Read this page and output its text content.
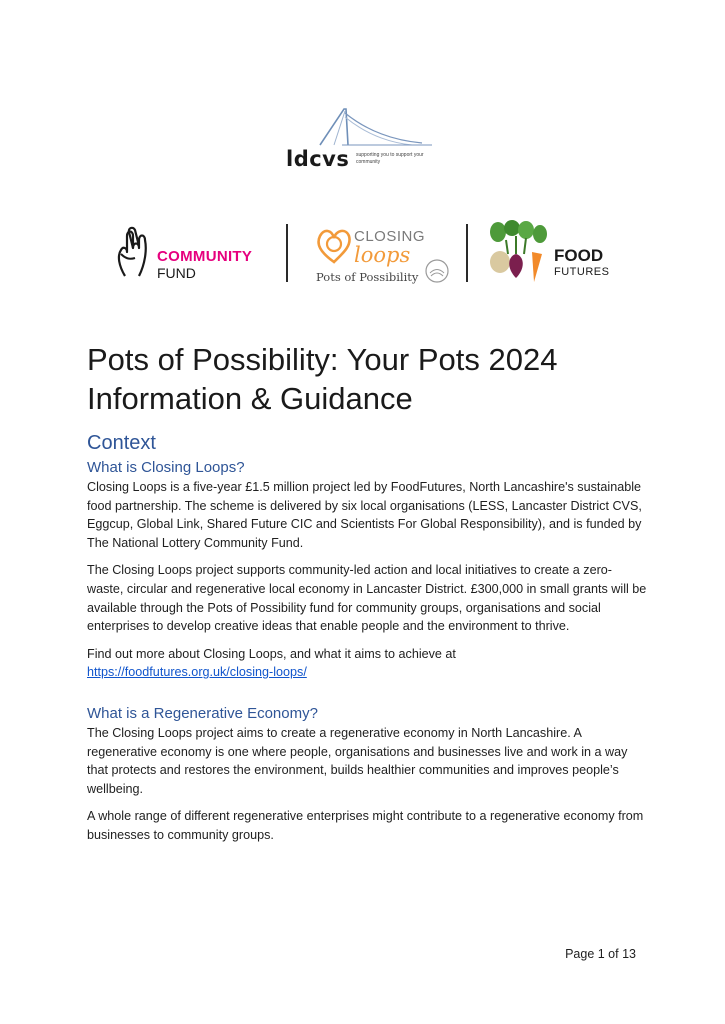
ldcvs supporting you to support your community
COMMUNITY
FUND
CLOSING
loops
Pots of Possibility
FOOD
FUTURES
Pots of Possibility: Your Pots 2024
Information & Guidance
Context
What is Closing Loops?

Closing Loops is a five-year £1.5 million project led by FoodFutures, North Lancashire's sustainable food partnership. The scheme is delivered by six local organisations (LESS, Lancaster District CVS, Eggcup, Global Link, Shared Future CIC and Scientists For Global Responsibility), and is funded by The National Lottery Community Fund.

The Closing Loops project supports community-led action and local initiatives to create a zero-waste, circular and regenerative local economy in Lancaster District. £300,000 in small grants will be available through the Pots of Possibility fund for community groups, organisations and social enterprises to develop creative ideas that enable people and the environment to thrive.

Find out more about Closing Loops, and what it aims to achieve at
https://foodfutures.org.uk/closing-loops/

What is a Regenerative Economy?

The Closing Loops project aims to create a regenerative economy in North Lancashire. A regenerative economy is one where people, organisations and businesses live and work in a way that protects and restores the environment, builds healthier communities and improves people’s wellbeing.

A whole range of different regenerative enterprises might contribute to a regenerative economy from businesses to community groups.

Page 1 of 13
